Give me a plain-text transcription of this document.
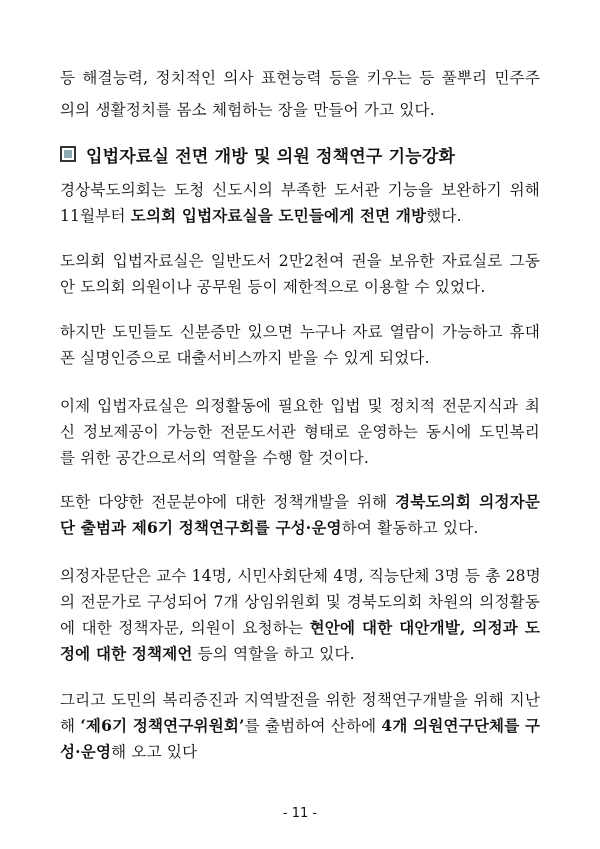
등 해결능력, 정치적인 의사 표현능력 등을 키우는 등 풀뿌리 민주주
의의 생활정치를 몸소 체험하는 장을 만들어 가고 있다.
입법자료실 전면 개방 및 의원 정책연구 기능강화
경상북도의회는 도청 신도시의 부족한 도서관 기능을 보완하기 위해
11월부터 도의회 입법자료실을 도민들에게 전면 개방했다.
도의회 입법자료실은 일반도서 2만2천여 권을 보유한 자료실로 그동
안 도의회 의원이나 공무원 등이 제한적으로 이용할 수 있었다.
하지만 도민들도 신분증만 있으면 누구나 자료 열람이 가능하고 휴대
폰 실명인증으로 대출서비스까지 받을 수 있게 되었다.
이제 입법자료실은 의정활동에 필요한 입법 및 정치적 전문지식과 최
신 정보제공이 가능한 전문도서관 형태로 운영하는 동시에 도민복리
를 위한 공간으로서의 역할을 수행 할 것이다.
또한 다양한 전문분야에 대한 정책개발을 위해 경북도의회 의정자문
단 출범과 제6기 정책연구회를 구성·운영하여 활동하고 있다.
의정자문단은 교수 14명, 시민사회단체 4명, 직능단체 3명 등 총 28명
의 전문가로 구성되어 7개 상임위원회 및 경북도의회 차원의 의정활동
에 대한 정책자문, 의원이 요청하는 현안에 대한 대안개발, 의정과 도
정에 대한 정책제언 등의 역할을 하고 있다.
그리고 도민의 복리증진과 지역발전을 위한 정책연구개발을 위해 지난
해 ‘제6기 정책연구위원회’를 출범하여 산하에 4개 의원연구단체를 구
성·운영해 오고 있다
- 11 -
